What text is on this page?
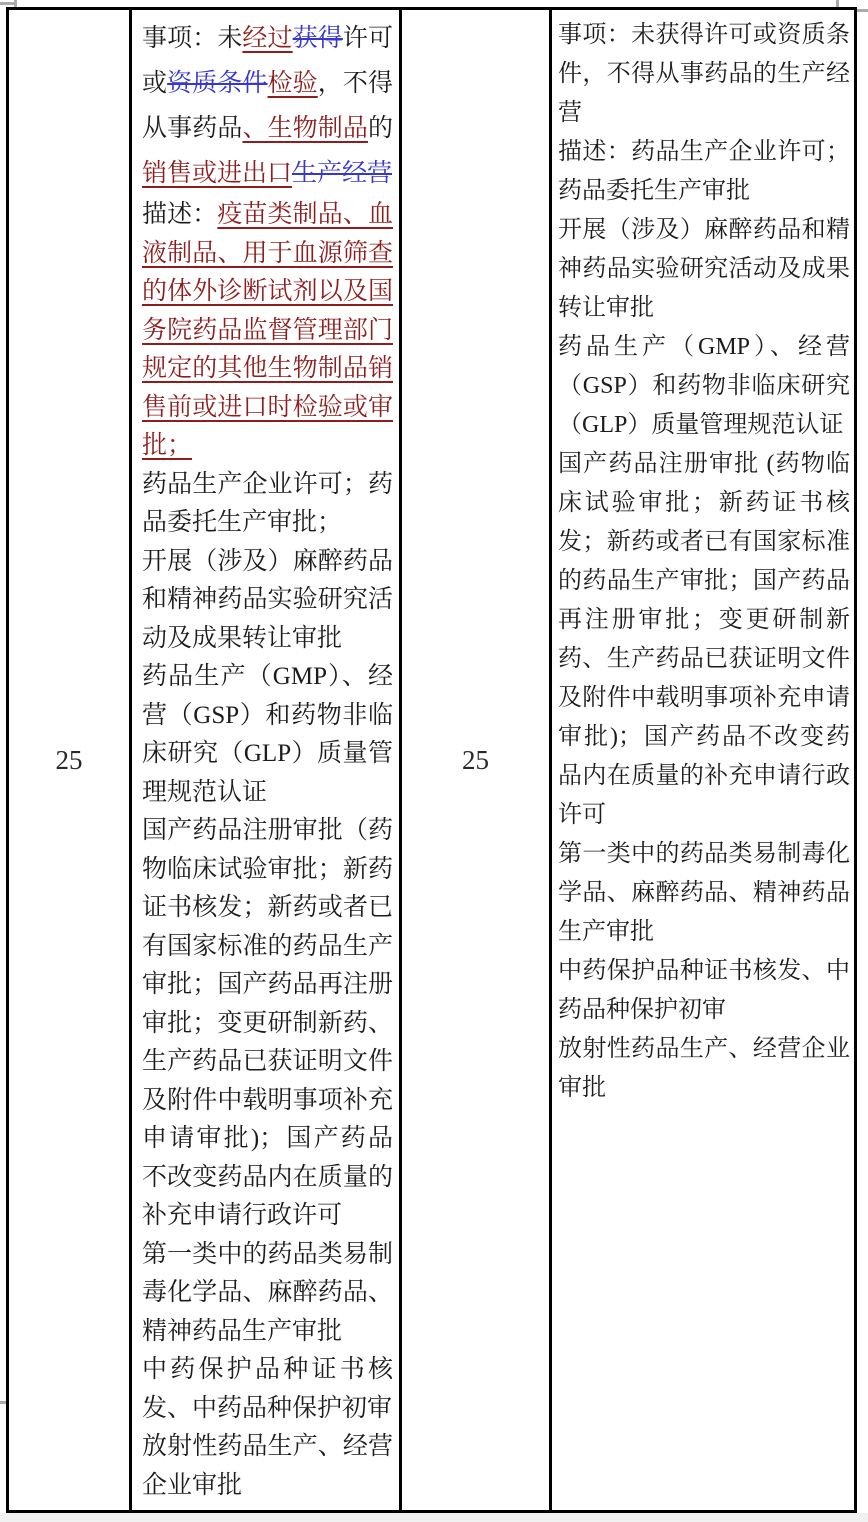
25
事项：未经过获得许可或资质条件检验，不得从事药品、生物制品的销售或进出口生产经营
描述：疫苗类制品、血液制品、用于血源筛查的体外诊断试剂以及国务院药品监督管理部门规定的其他生物制品销售前或进口时检验或审批；
药品生产企业许可；药品委托生产审批；
开展（涉及）麻醉药品和精神药品实验研究活动及成果转让审批
药品生产（GMP）、经营（GSP）和药物非临床研究（GLP）质量管理规范认证
国产药品注册审批（药物临床试验审批；新药证书核发；新药或者已有国家标准的药品生产审批；国产药品再注册审批；变更研制新药、生产药品已获证明文件及附件中载明事项补充申请审批)；国产药品不改变药品内在质量的补充申请行政许可
第一类中的药品类易制毒化学品、麻醉药品、精神药品生产审批
中药保护品种证书核发、中药品种保护初审
放射性药品生产、经营企业审批
25
事项：未获得许可或资质条件，不得从事药品的生产经营
描述：药品生产企业许可；药品委托生产审批
开展（涉及）麻醉药品和精神药品实验研究活动及成果转让审批
药品生产（GMP）、经营（GSP）和药物非临床研究（GLP）质量管理规范认证
国产药品注册审批 (药物临床试验审批；新药证书核发；新药或者已有国家标准的药品生产审批；国产药品再注册审批；变更研制新药、生产药品已获证明文件及附件中载明事项补充申请审批)；国产药品不改变药品内在质量的补充申请行政许可
第一类中的药品类易制毒化学品、麻醉药品、精神药品生产审批
中药保护品种证书核发、中药品种保护初审
放射性药品生产、经营企业审批
